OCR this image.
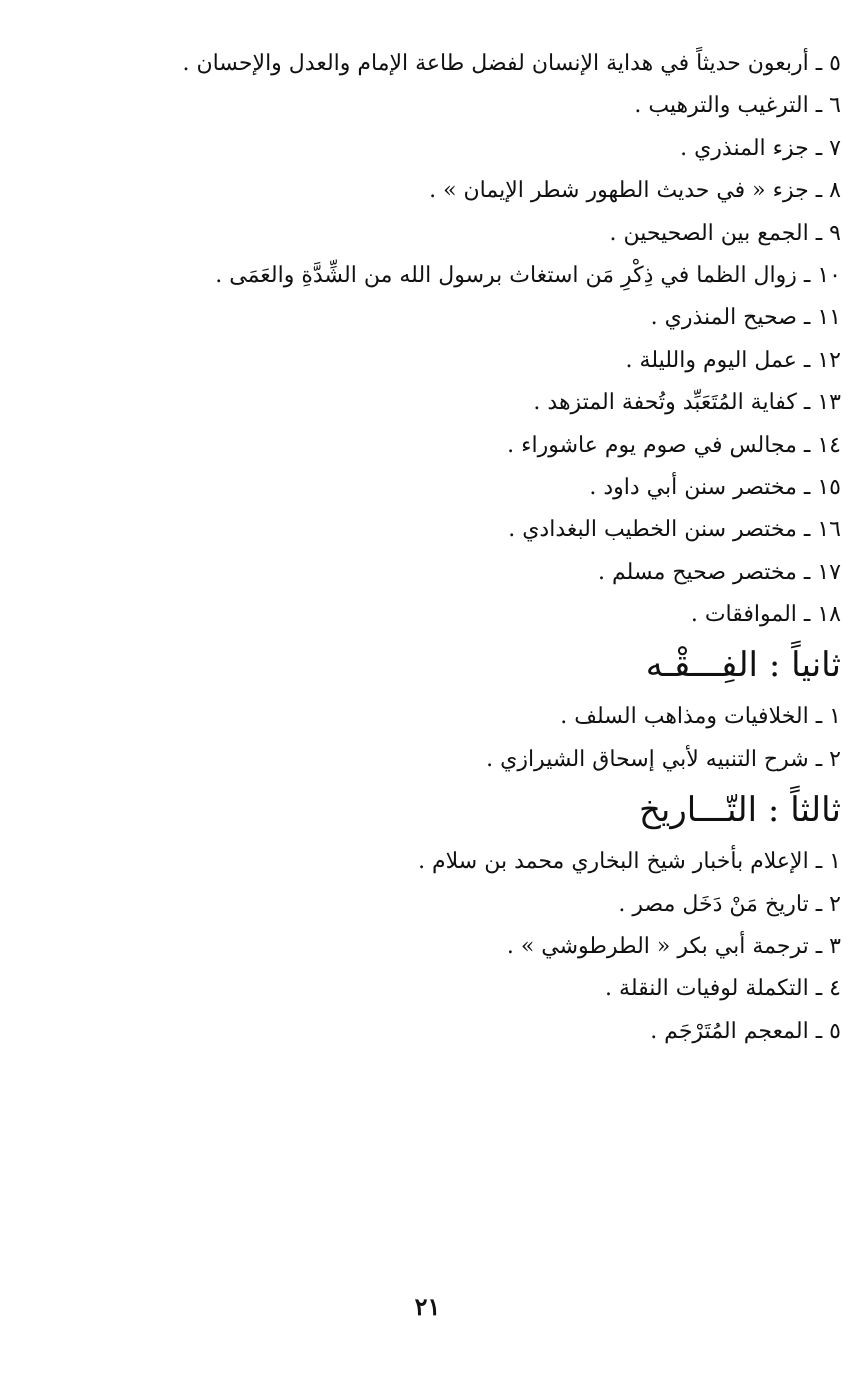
٥ ـ أربعون حديثاً في هداية الإنسان لفضل طاعة الإمام والعدل والإحسان .
٦ ـ الترغيب والترهيب .
٧ ـ جزء المنذري .
٨ ـ جزء « في حديث الطهور شطر الإيمان » .
٩ ـ الجمع بين الصحيحين .
١٠ ـ زوال الظما في ذِكْرِ مَن استغاث برسول الله من الشِّدَّةِ والعَمَى .
١١ ـ صحيح المنذري .
١٢ ـ عمل اليوم والليلة .
١٣ ـ كفاية المُتَعَبِّد وتُحفة المتزهد .
١٤ ـ مجالس في صوم يوم عاشوراء .
١٥ ـ مختصر سنن أبي داود .
١٦ ـ مختصر سنن الخطيب البغدادي .
١٧ ـ مختصر صحيح مسلم .
١٨ ـ الموافقات .
ثانياً : الفِـــقْـه
١ ـ الخلافيات ومذاهب السلف .
٢ ـ شرح التنبيه لأبي إسحاق الشيرازي .
ثالثاً : التّـــاريخ
١ ـ الإعلام بأخبار شيخ البخاري محمد بن سلام .
٢ ـ تاريخ مَنْ دَخَل مصر .
٣ ـ ترجمة أبي بكر « الطرطوشي » .
٤ ـ التكملة لوفيات النقلة .
٥ ـ المعجم المُتَرْجَم .
٢١
